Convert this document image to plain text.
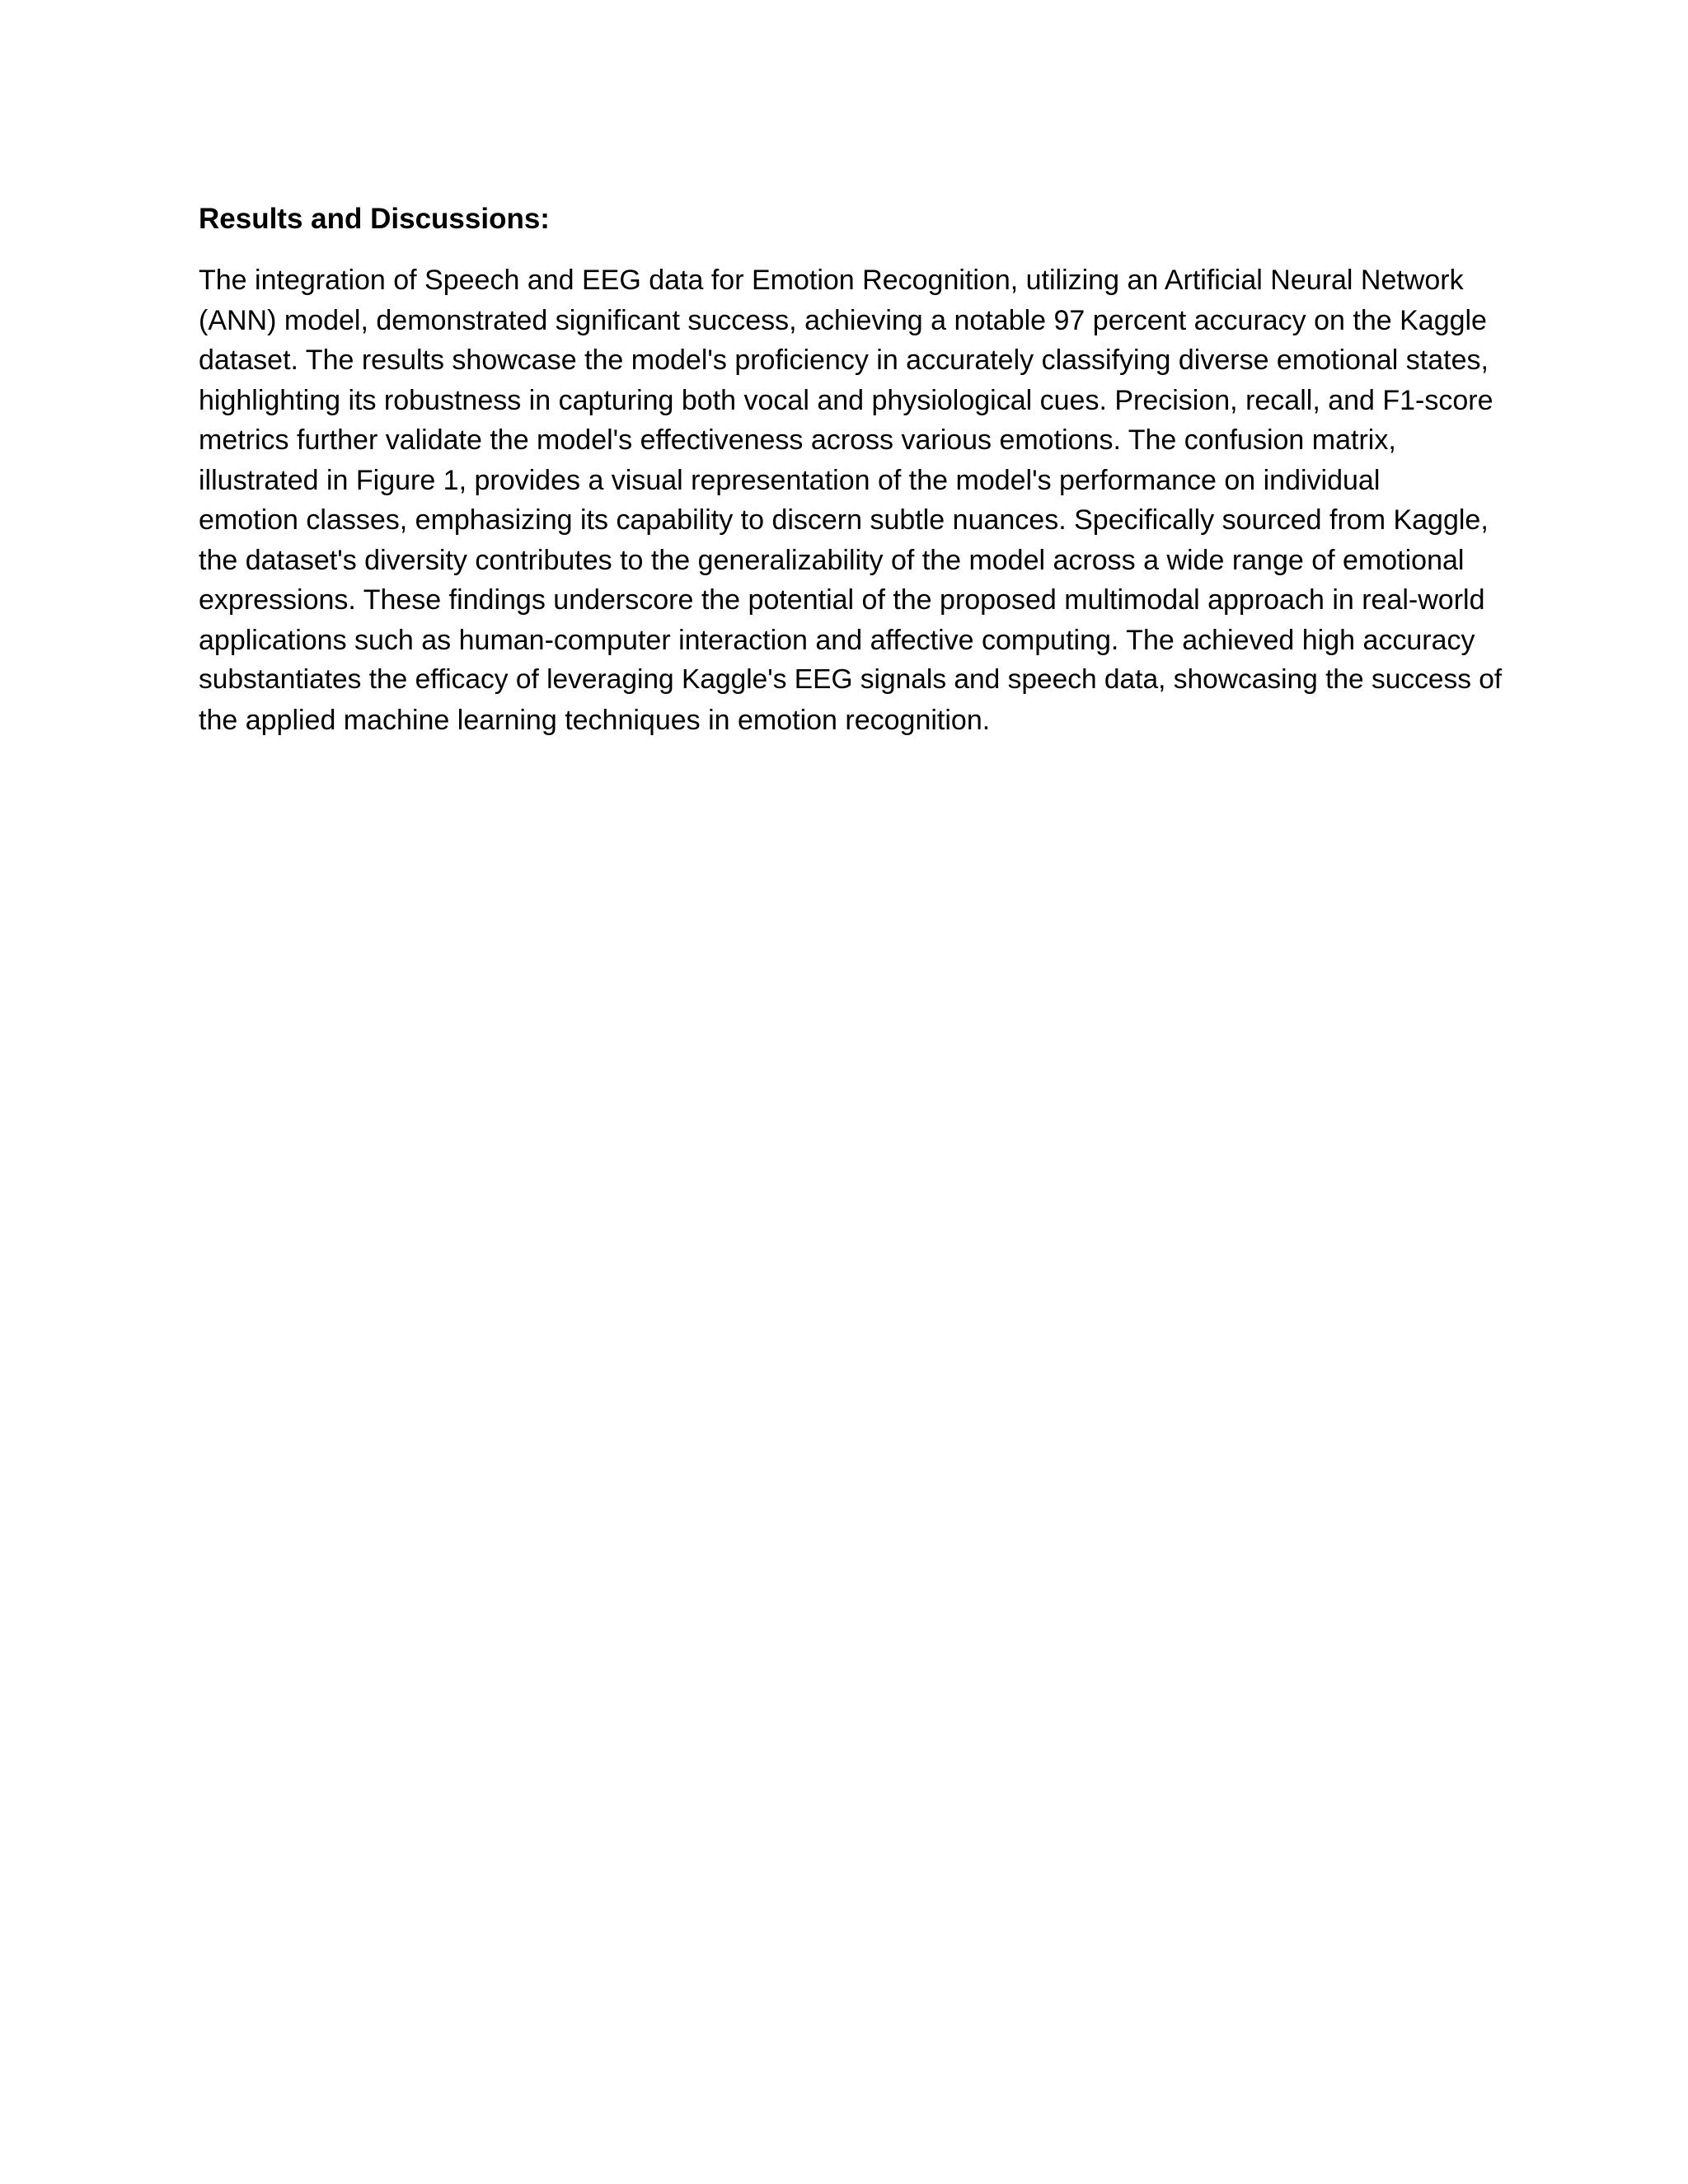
Results and Discussions:
The integration of Speech and EEG data for Emotion Recognition, utilizing an Artificial Neural Network
(ANN) model, demonstrated significant success, achieving a notable 97 percent accuracy on the Kaggle
dataset. The results showcase the model's proficiency in accurately classifying diverse emotional states,
highlighting its robustness in capturing both vocal and physiological cues. Precision, recall, and F1-score
metrics further validate the model's effectiveness across various emotions. The confusion matrix,
illustrated in Figure 1, provides a visual representation of the model's performance on individual
emotion classes, emphasizing its capability to discern subtle nuances. Specifically sourced from Kaggle,
the dataset's diversity contributes to the generalizability of the model across a wide range of emotional
expressions. These findings underscore the potential of the proposed multimodal approach in real-world
applications such as human-computer interaction and affective computing. The achieved high accuracy
substantiates the efficacy of leveraging Kaggle's EEG signals and speech data, showcasing the success of
the applied machine learning techniques in emotion recognition.
